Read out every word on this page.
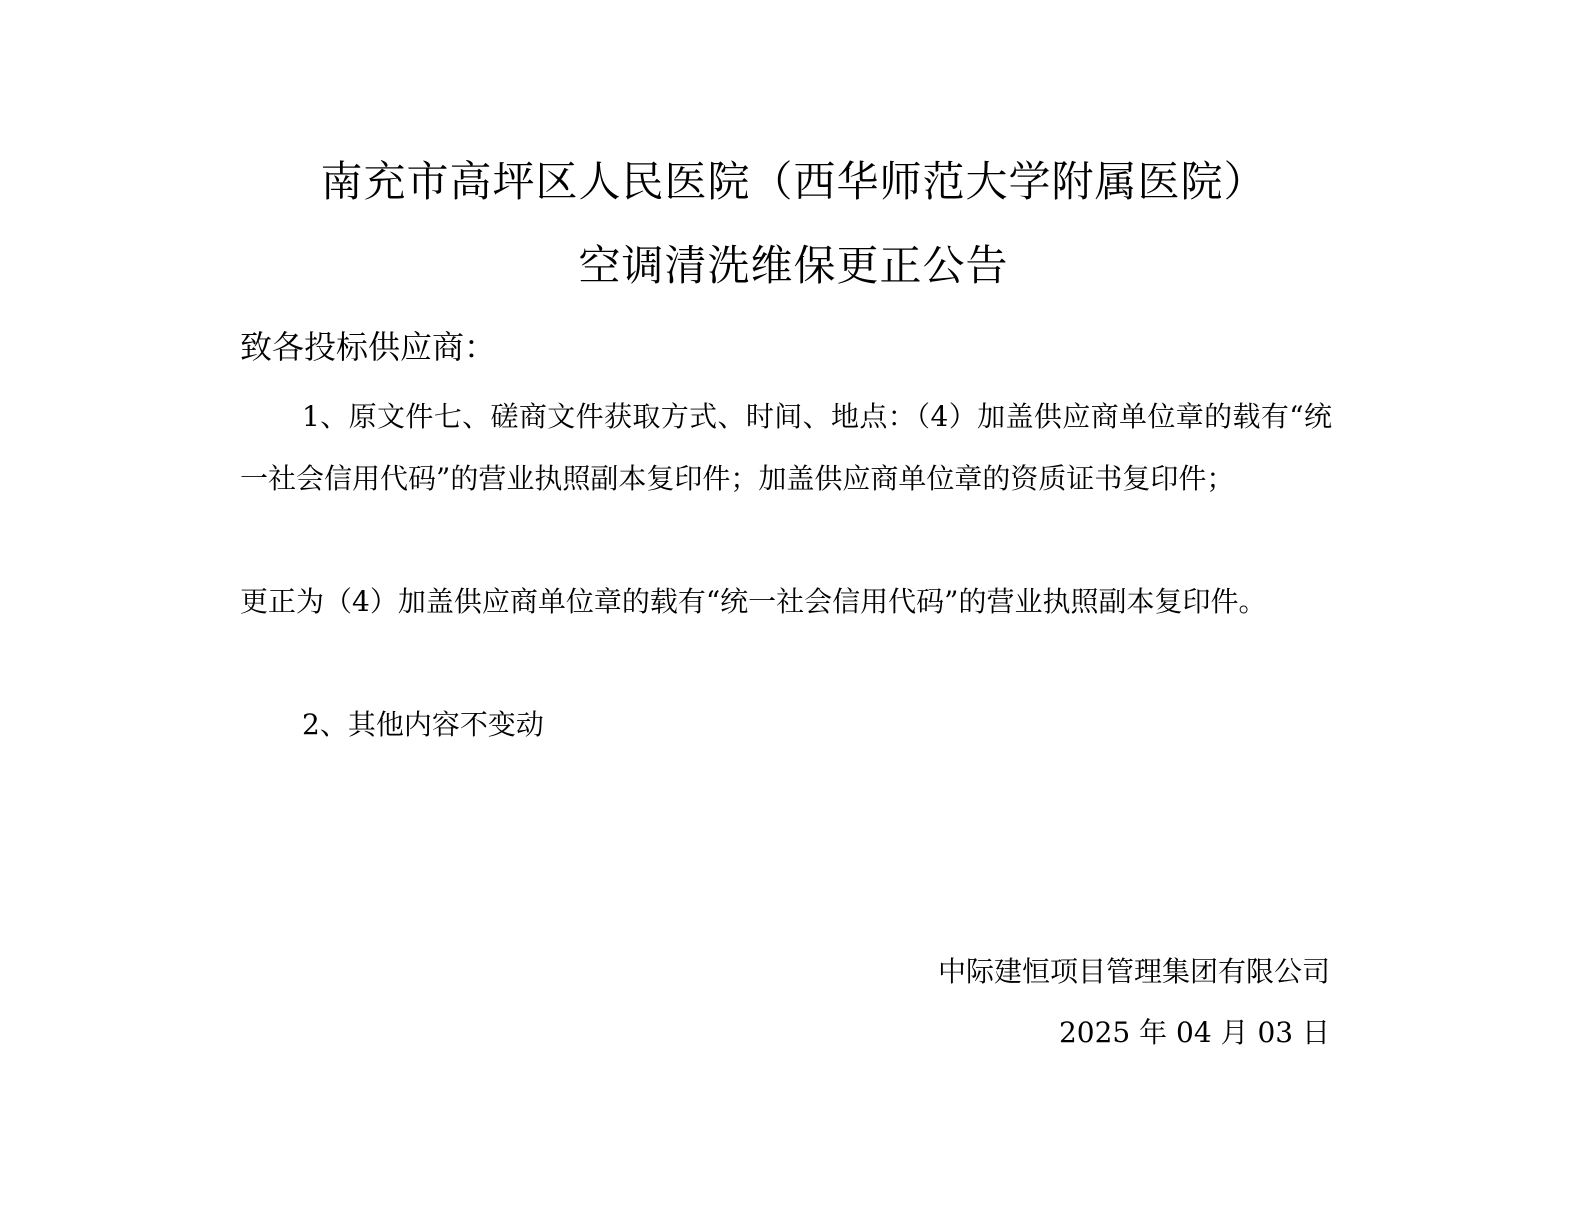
南充市高坪区人民医院（西华师范大学附属医院）
空调清洗维保更正公告
致各投标供应商：
1、原文件七、磋商文件获取方式、时间、地点：（4）加盖供应商单位章的载有“统一社会信用代码”的营业执照副本复印件；加盖供应商单位章的资质证书复印件；
更正为（4）加盖供应商单位章的载有“统一社会信用代码”的营业执照副本复印件。
2、其他内容不变动
中际建恒项目管理集团有限公司
2025 年 04 月 03 日
